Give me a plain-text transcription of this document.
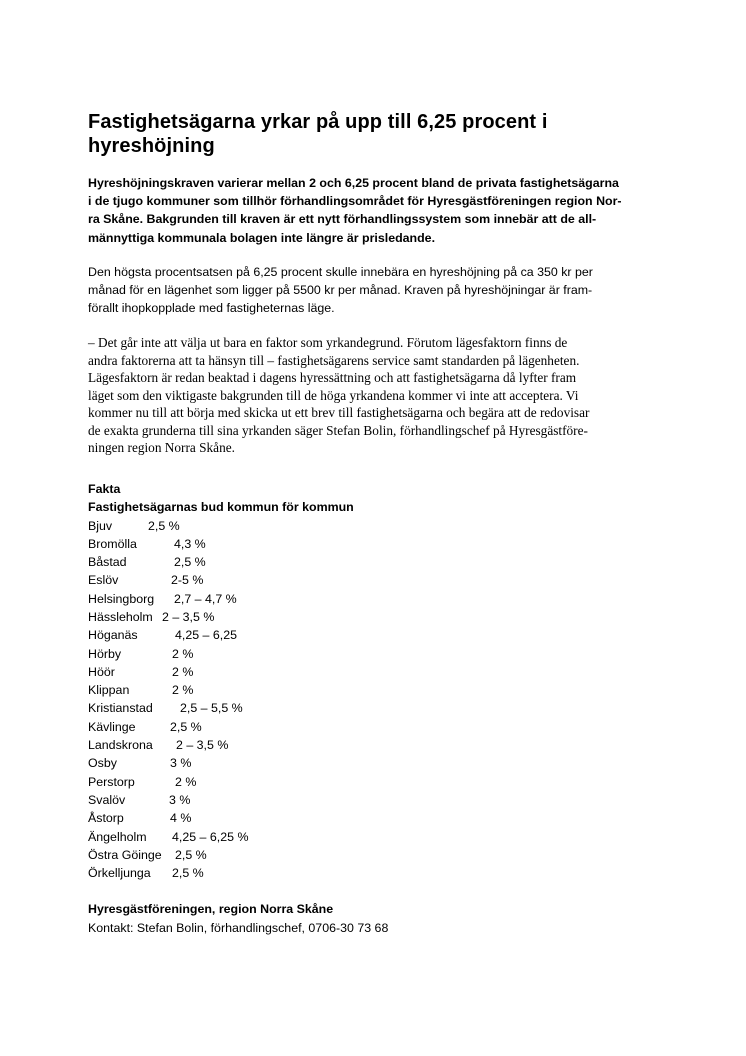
Fastighetsägarna yrkar på upp till 6,25 procent i hyreshöjning

Hyreshöjningskraven varierar mellan 2 och 6,25 procent bland de privata fastighetsägarna
i de tjugo kommuner som tillhör förhandlingsområdet för Hyresgästföreningen region Nor-
ra Skåne. Bakgrunden till kraven är ett nytt förhandlingssystem som innebär att de all-
männyttiga kommunala bolagen inte längre är prisledande.

Den högsta procentsatsen på 6,25 procent skulle innebära en hyreshöjning på ca 350 kr per
månad för en lägenhet som ligger på 5500 kr per månad. Kraven på hyreshöjningar är fram-
förallt ihopkopplade med fastigheternas läge.

– Det går inte att välja ut bara en faktor som yrkandegrund. Förutom lägesfaktorn finns de
andra faktorerna att ta hänsyn till – fastighetsägarens service samt standarden på lägenheten.
Lägesfaktorn är redan beaktad i dagens hyressättning och att fastighetsägarna då lyfter fram
läget som den viktigaste bakgrunden till de höga yrkandena kommer vi inte att acceptera. Vi
kommer nu till att börja med skicka ut ett brev till fastighetsägarna och begära att de redovisar
de exakta grunderna till sina yrkanden säger Stefan Bolin, förhandlingschef på Hyresgästföre-
ningen region Norra Skåne.

Fakta
Fastighetsägarnas bud kommun för kommun
Bjuv	2,5 %
Bromölla	4,3 %
Båstad	2,5 %
Eslöv	2-5 %
Helsingborg 2,7 – 4,7 %
Hässleholm 2 – 3,5 %
Höganäs	4,25 – 6,25
Hörby	2 %
Höör	2 %
Klippan	2 %
Kristianstad 2,5 – 5,5 %
Kävlinge	2,5 %
Landskrona 2 – 3,5 %
Osby	3 %
Perstorp	2 %
Svalöv	3 %
Åstorp	4 %
Ängelholm 4,25 – 6,25 %
Östra Göinge 2,5 %
Örkelljunga 2,5 %
Hyresgästföreningen, region Norra Skåne
Kontakt: Stefan Bolin, förhandlingschef, 0706-30 73 68
